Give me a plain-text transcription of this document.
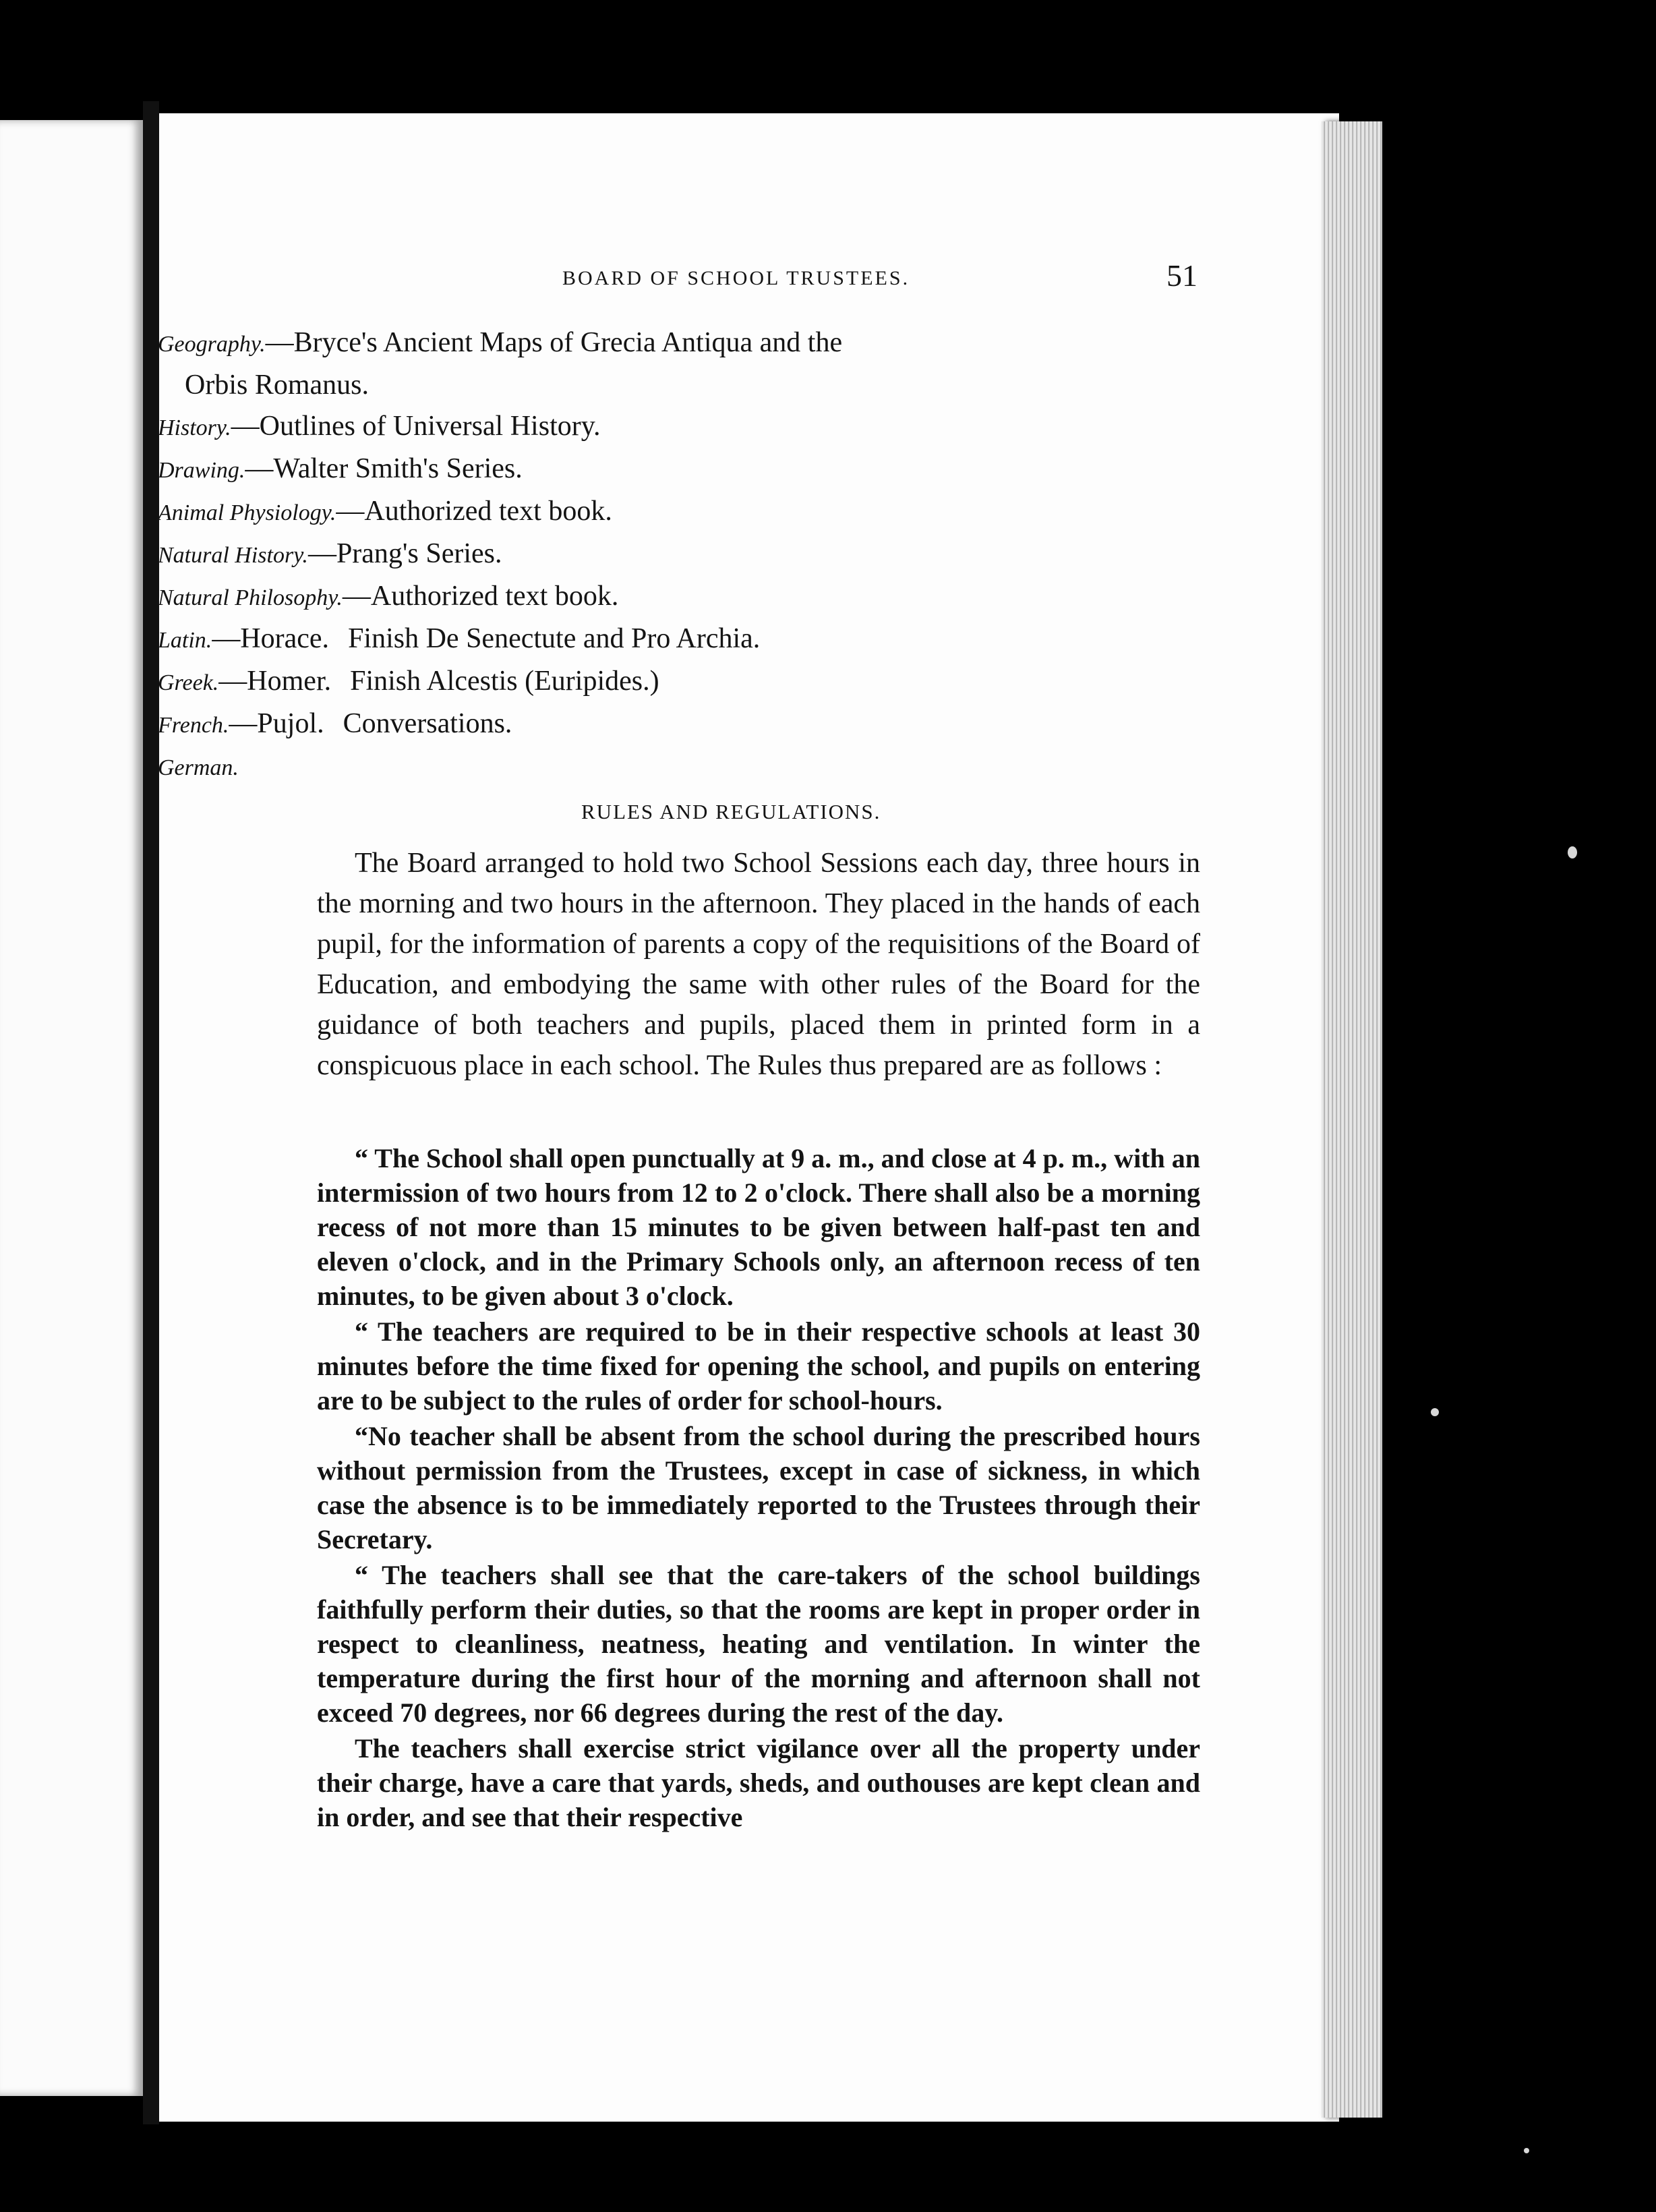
BOARD OF SCHOOL TRUSTEES.	51
Geography.—Bryce's Ancient Maps of Grecia Antiqua and the
Orbis Romanus.
History.—Outlines of Universal History.
Drawing.—Walter Smith's Series.
Animal Physiology.—Authorized text book.
Natural History.—Prang's Series.
Natural Philosophy.—Authorized text book.
Latin.—Horace. Finish De Senectute and Pro Archia.
Greek.—Homer. Finish Alcestis (Euripides.)
French.—Pujol. Conversations.
German.
RULES AND REGULATIONS.

The Board arranged to hold two School Sessions each day, three hours in the morning and two hours in the afternoon. They placed in the hands of each pupil, for the information of parents a copy of the requisitions of the Board of Education, and embodying the same with other rules of the Board for the guidance of both teachers and pupils, placed them in printed form in a conspicuous place in each school. The Rules thus prepared are as follows :

“ The School shall open punctually at 9 a. m., and close at 4 p. m., with an intermission of two hours from 12 to 2 o'clock. There shall also be a morning recess of not more than 15 minutes to be given between half-past ten and eleven o'clock, and in the Primary Schools only, an afternoon recess of ten minutes, to be given about 3 o'clock.

“ The teachers are required to be in their respective schools at least 30 minutes before the time fixed for opening the school, and pupils on entering are to be subject to the rules of order for school-hours.

“No teacher shall be absent from the school during the prescribed hours without permission from the Trustees, except in case of sickness, in which case the absence is to be immediately reported to the Trustees through their Secretary.

“ The teachers shall see that the care-takers of the school buildings faithfully perform their duties, so that the rooms are kept in proper order in respect to cleanliness, neatness, heating and ventilation. In winter the temperature during the first hour of the morning and afternoon shall not exceed 70 degrees, nor 66 degrees during the rest of the day.

The teachers shall exercise strict vigilance over all the property under their charge, have a care that yards, sheds, and outhouses are kept clean and in order, and see that their respective
